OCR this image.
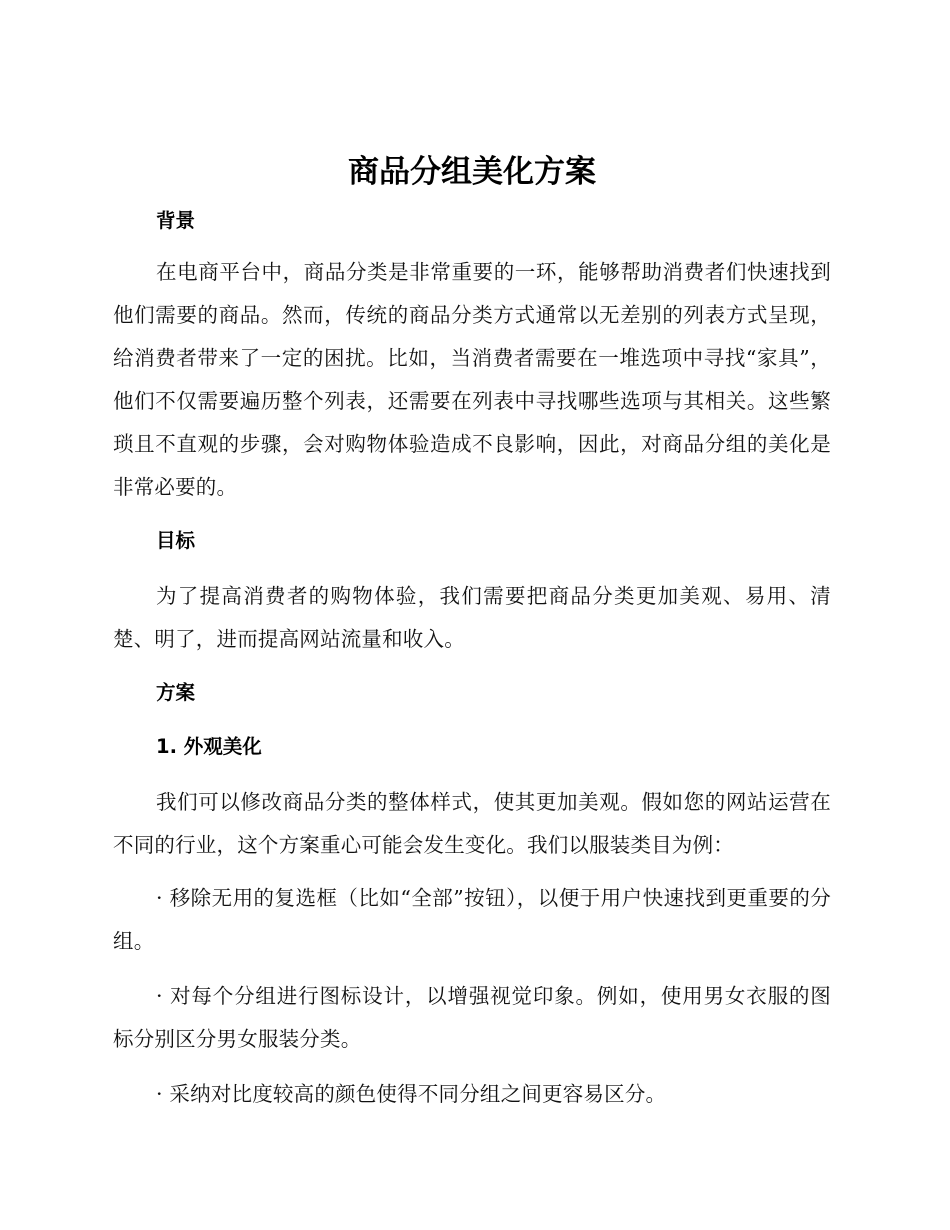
商品分组美化方案
背景

在电商平台中，商品分类是非常重要的一环，能够帮助消费者们快速找到他们需要的商品。然而，传统的商品分类方式通常以无差别的列表方式呈现，给消费者带来了一定的困扰。比如，当消费者需要在一堆选项中寻找“家具”，他们不仅需要遍历整个列表，还需要在列表中寻找哪些选项与其相关。这些繁琐且不直观的步骤，会对购物体验造成不良影响，因此，对商品分组的美化是非常必要的。

目标

为了提高消费者的购物体验，我们需要把商品分类更加美观、易用、清楚、明了，进而提高网站流量和收入。

方案
1. 外观美化

我们可以修改商品分类的整体样式，使其更加美观。假如您的网站运营在不同的行业，这个方案重心可能会发生变化。我们以服装类目为例：

· 移除无用的复选框（比如“全部”按钮），以便于用户快速找到更重要的分组。

· 对每个分组进行图标设计，以增强视觉印象。例如，使用男女衣服的图标分别区分男女服装分类。

· 采纳对比度较高的颜色使得不同分组之间更容易区分。
